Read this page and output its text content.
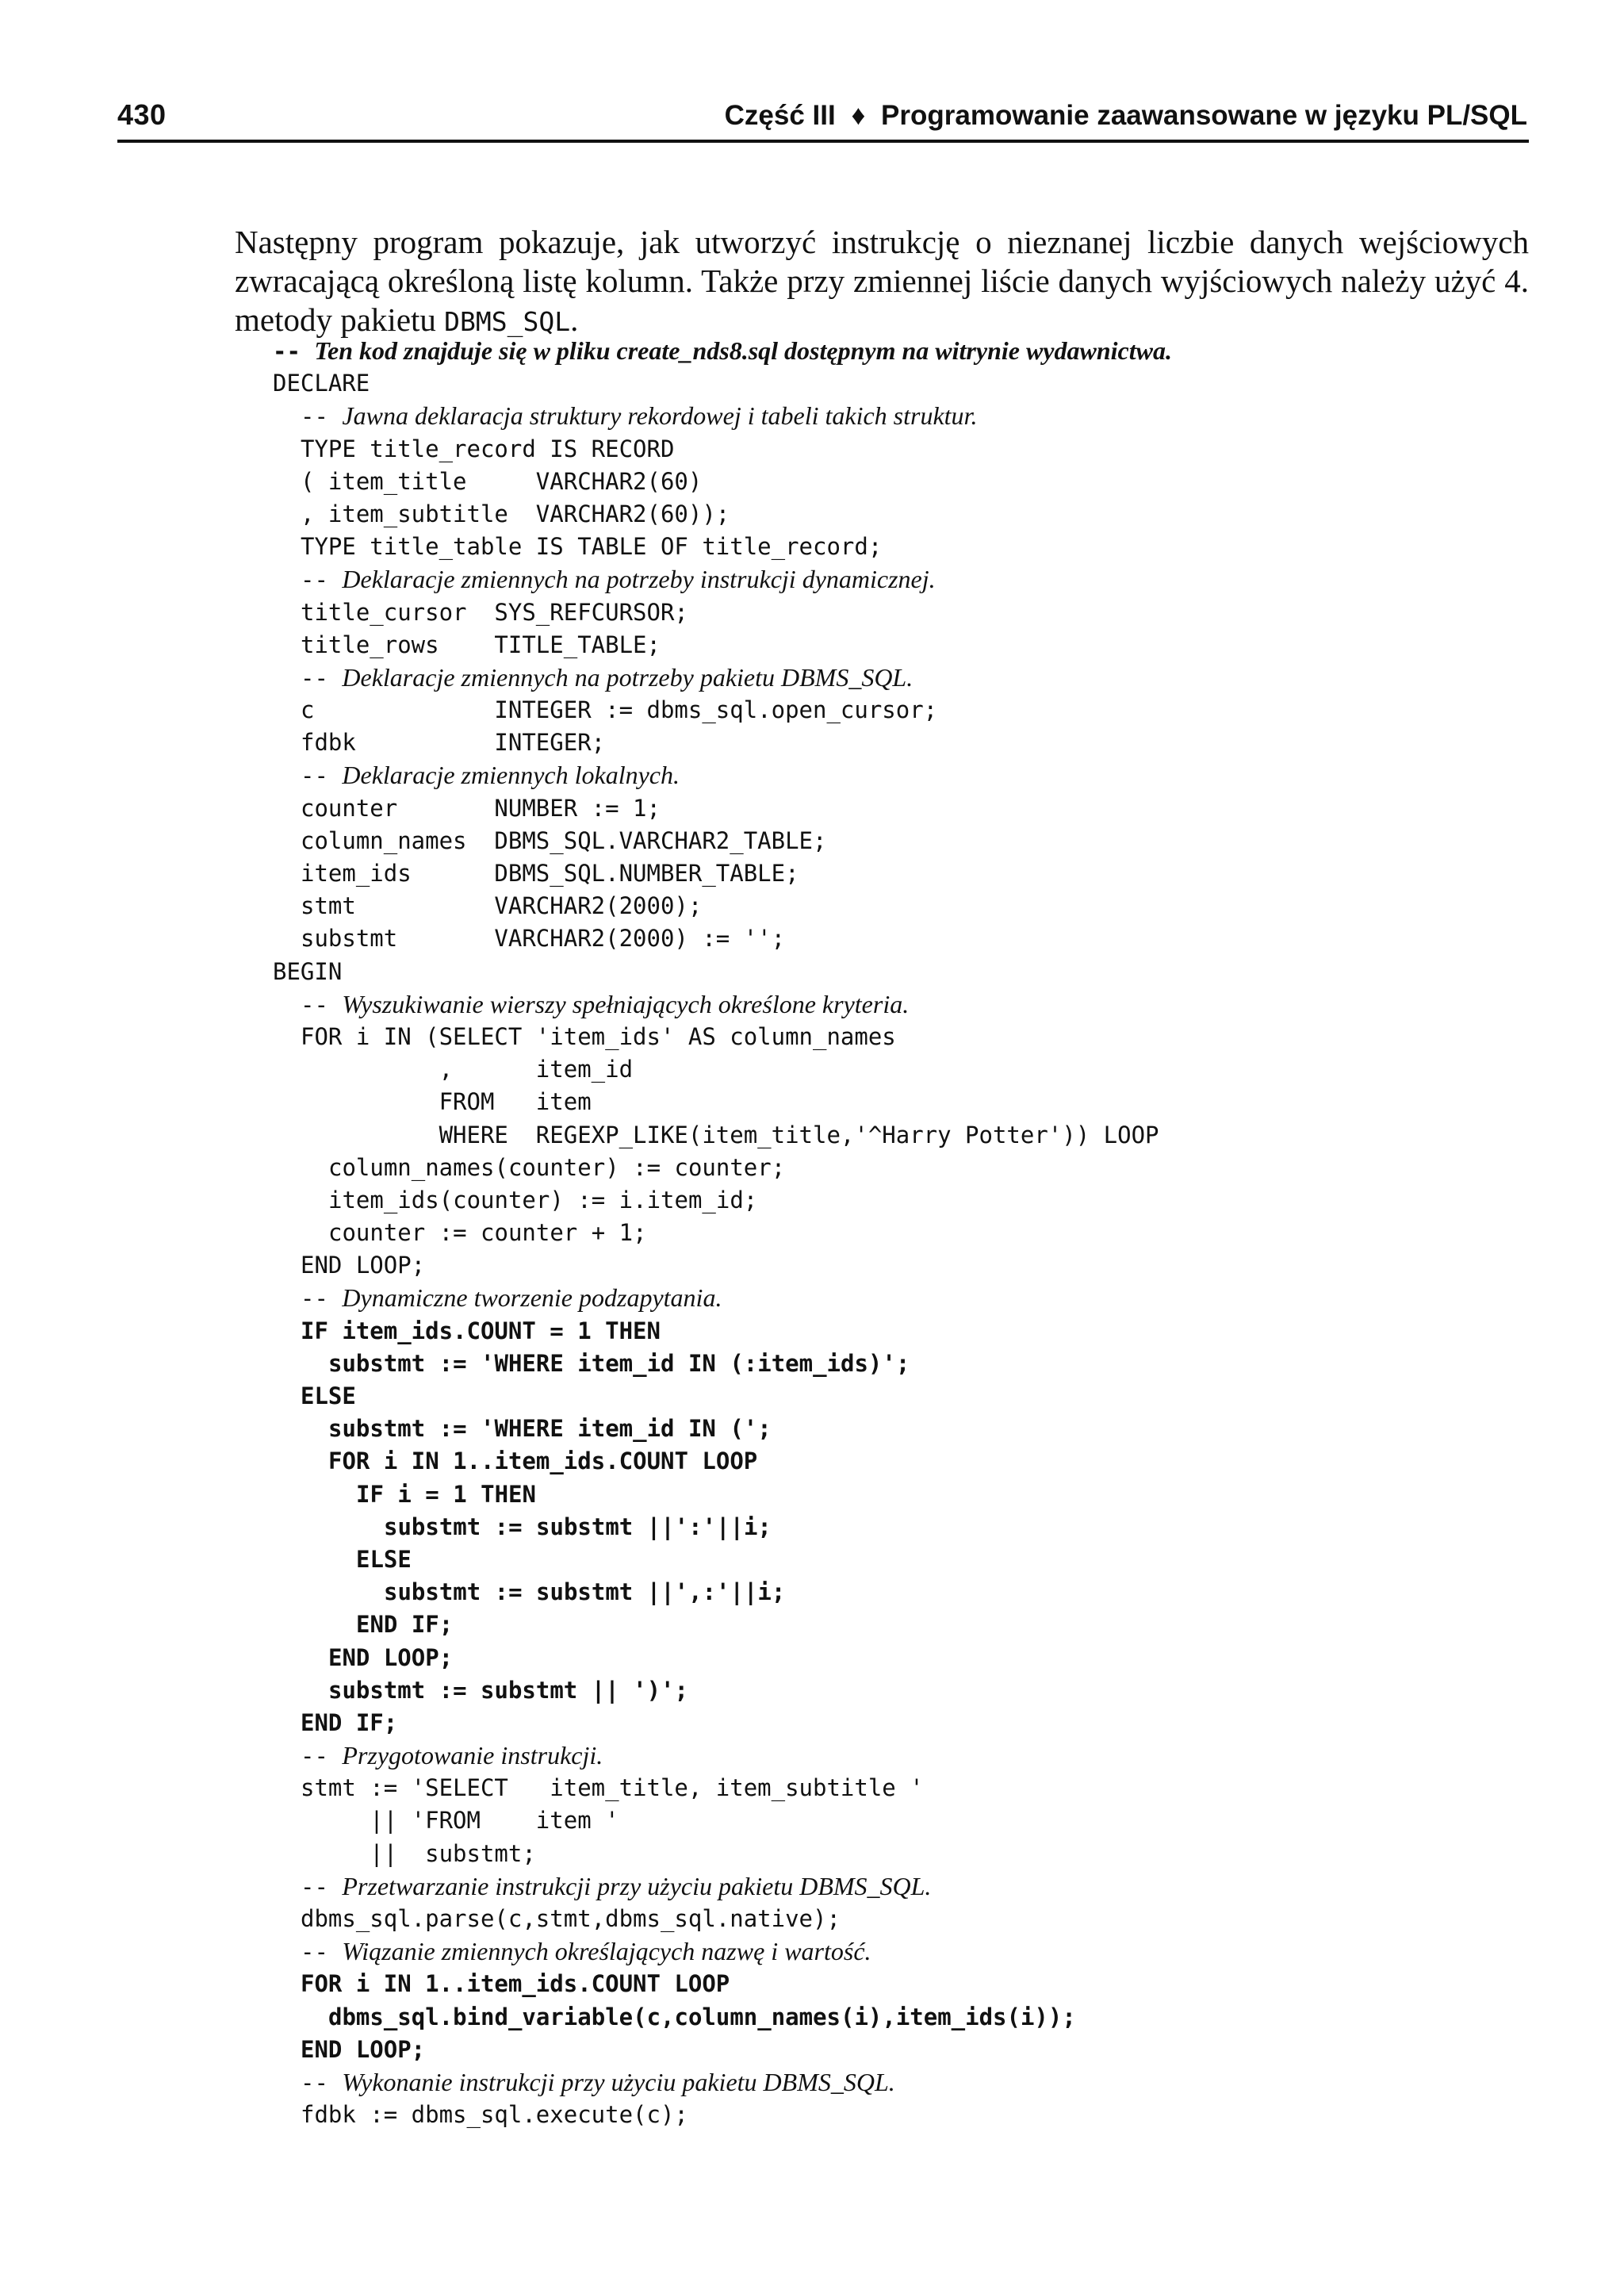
430	Część III ♦ Programowanie zaawansowane w języku PL/SQL

Następny program pokazuje, jak utworzyć instrukcję o nieznanej liczbie danych wejściowych zwracającą określoną listę kolumn. Także przy zmiennej liście danych wyjściowych należy użyć 4. metody pakietu DBMS_SQL.

-- Ten kod znajduje się w pliku create_nds8.sql dostępnym na witrynie wydawnictwa.
DECLARE
-- Jawna deklaracja struktury rekordowej i tabeli takich struktur.
TYPE title_record IS RECORD
( item_title     VARCHAR2(60)
, item_subtitle  VARCHAR2(60));
TYPE title_table IS TABLE OF title_record;
-- Deklaracje zmiennych na potrzeby instrukcji dynamicznej.
title_cursor  SYS_REFCURSOR;
title_rows    TITLE_TABLE;
-- Deklaracje zmiennych na potrzeby pakietu DBMS_SQL.
c             INTEGER := dbms_sql.open_cursor;
fdbk          INTEGER;
-- Deklaracje zmiennych lokalnych.
counter       NUMBER := 1;
column_names  DBMS_SQL.VARCHAR2_TABLE;
item_ids      DBMS_SQL.NUMBER_TABLE;
stmt          VARCHAR2(2000);
substmt       VARCHAR2(2000) := '';
BEGIN
-- Wyszukiwanie wierszy spełniających określone kryteria.
FOR i IN (SELECT 'item_ids' AS column_names
,      item_id
FROM   item
WHERE  REGEXP_LIKE(item_title,'^Harry Potter')) LOOP
column_names(counter) := counter;
item_ids(counter) := i.item_id;
counter := counter + 1;
END LOOP;
-- Dynamiczne tworzenie podzapytania.
IF item_ids.COUNT = 1 THEN
substmt := 'WHERE item_id IN (:item_ids)';
ELSE
substmt := 'WHERE item_id IN (';
FOR i IN 1..item_ids.COUNT LOOP
IF i = 1 THEN
substmt := substmt ||':'||i;
ELSE
substmt := substmt ||',:'||i;
END IF;
END LOOP;
substmt := substmt || ')';
END IF;
-- Przygotowanie instrukcji.
stmt := 'SELECT   item_title, item_subtitle '
|| 'FROM    item '
||  substmt;
-- Przetwarzanie instrukcji przy użyciu pakietu DBMS_SQL.
dbms_sql.parse(c,stmt,dbms_sql.native);
-- Wiązanie zmiennych określających nazwę i wartość.
FOR i IN 1..item_ids.COUNT LOOP
dbms_sql.bind_variable(c,column_names(i),item_ids(i));
END LOOP;
-- Wykonanie instrukcji przy użyciu pakietu DBMS_SQL.
fdbk := dbms_sql.execute(c);
